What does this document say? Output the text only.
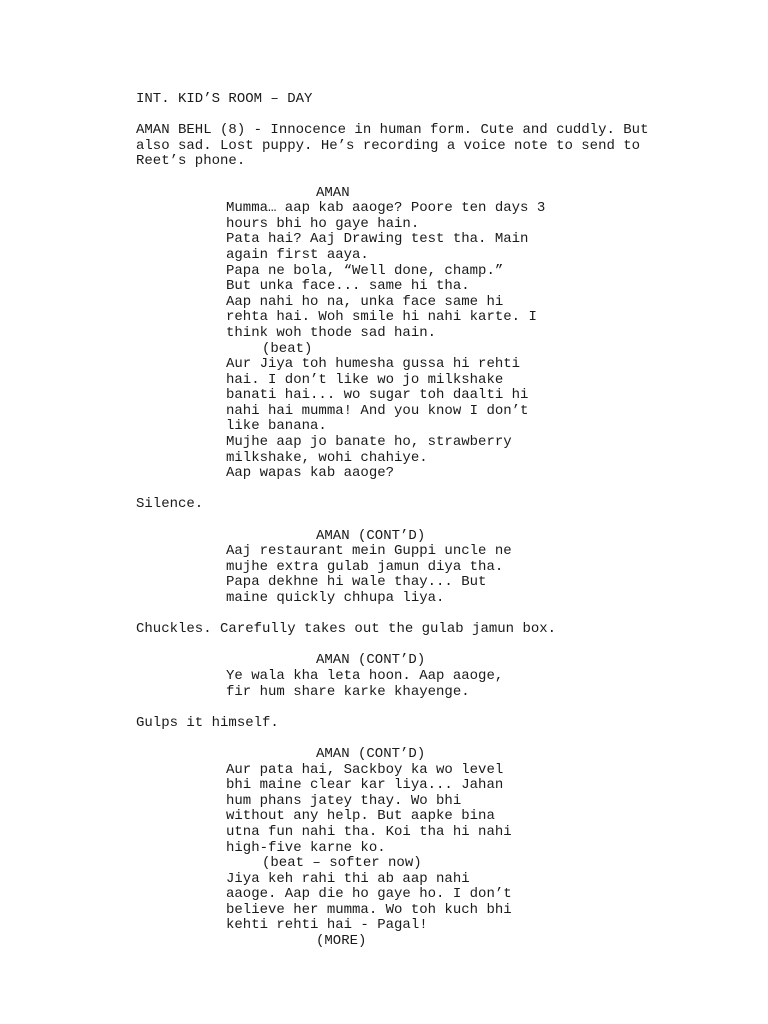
INT. KID’S ROOM – DAY
AMAN BEHL (8) - Innocence in human form. Cute and cuddly. But
also sad. Lost puppy. He’s recording a voice note to send to
Reet’s phone.
AMAN
Mumma… aap kab aaoge? Poore ten days 3
hours bhi ho gaye hain.
Pata hai? Aaj Drawing test tha. Main
again first aaya.
Papa ne bola, “Well done, champ.”
But unka face... same hi tha.
Aap nahi ho na, unka face same hi
rehta hai. Woh smile hi nahi karte. I
think woh thode sad hain.
(beat)
Aur Jiya toh humesha gussa hi rehti
hai. I don’t like wo jo milkshake
banati hai... wo sugar toh daalti hi
nahi hai mumma! And you know I don’t
like banana.
Mujhe aap jo banate ho, strawberry
milkshake, wohi chahiye.
Aap wapas kab aaoge?
Silence.
AMAN (CONT’D)
Aaj restaurant mein Guppi uncle ne
mujhe extra gulab jamun diya tha.
Papa dekhne hi wale thay... But
maine quickly chhupa liya.
Chuckles. Carefully takes out the gulab jamun box.
AMAN (CONT’D)
Ye wala kha leta hoon. Aap aaoge,
fir hum share karke khayenge.
Gulps it himself.
AMAN (CONT’D)
Aur pata hai, Sackboy ka wo level
bhi maine clear kar liya... Jahan
hum phans jatey thay. Wo bhi
without any help. But aapke bina
utna fun nahi tha. Koi tha hi nahi
high-five karne ko.
(beat – softer now)
Jiya keh rahi thi ab aap nahi
aaoge. Aap die ho gaye ho. I don’t
believe her mumma. Wo toh kuch bhi
kehti rehti hai - Pagal!
(MORE)
